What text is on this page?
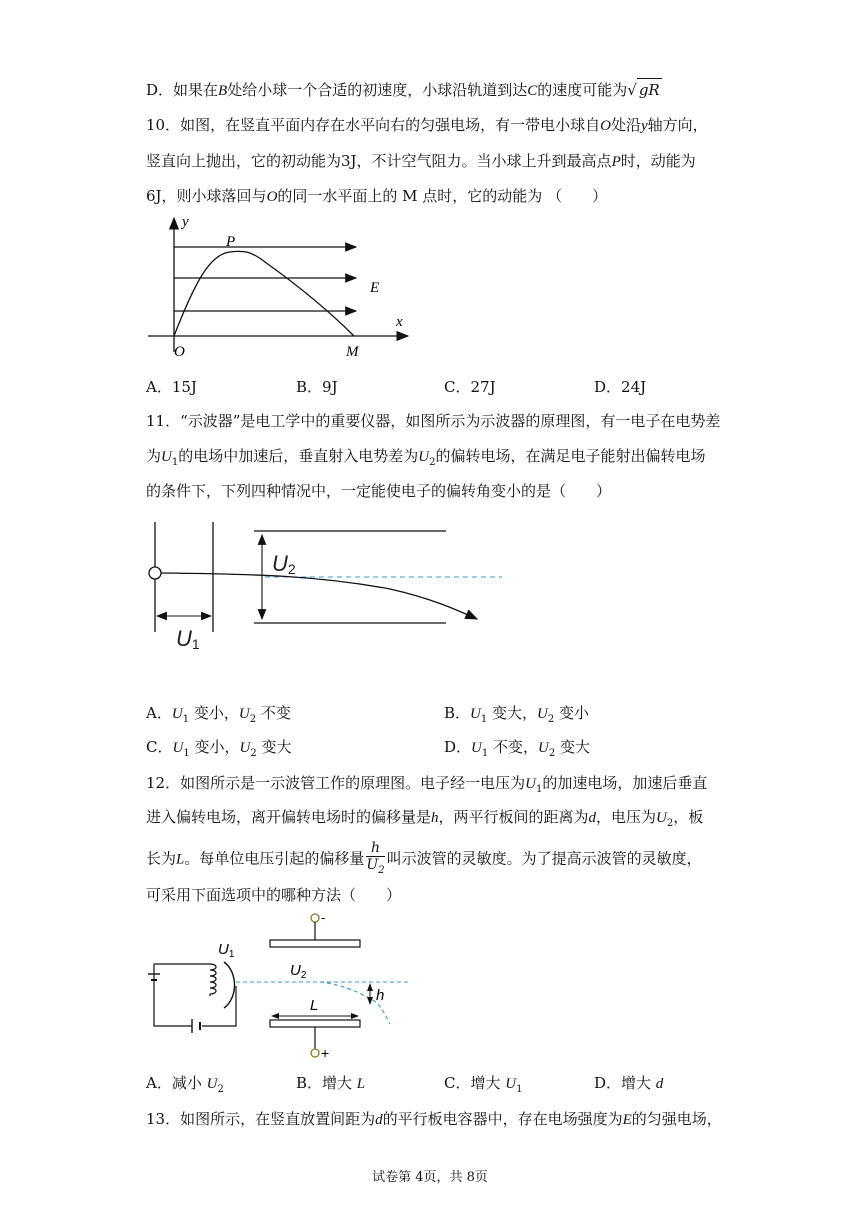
D．如果在B处给小球一个合适的初速度，小球沿轨道到达C的速度可能为√ gR
10．如图，在竖直平面内存在水平向右的匀强电场，有一带电小球自O处沿y轴方向，
竖直向上抛出，它的初动能为3J，不计空气阻力。当小球上升到最高点P时，动能为
6J，则小球落回与O的同一水平面上的 M 点时，它的动能为 （　　）
y
P
E
x
O	M
A．15J	B．9J	C．27J	D．24J
11．“示波器”是电工学中的重要仪器，如图所示为示波器的原理图，有一电子在电势差
为$U_1$的电场中加速后，垂直射入电势差为$U_2$的偏转电场，在满足电子能射出偏转电场
的条件下，下列四种情况中，一定能使电子的偏转角变小的是（　　）
U2
U1
A．$U_1$ 变小，$U_2$ 不变	B．$U_1$ 变大，$U_2$ 变小
C．$U_1$ 变小，$U_2$ 变大	D．$U_1$ 不变，$U_2$ 变大
12．如图所示是一示波管工作的原理图。电子经一电压为$U_1$的加速电场，加速后垂直
进入偏转电场，离开偏转电场时的偏移量是h，两平行板间的距离为d，电压为$U_2$，板
长为L。每单位电压引起的偏移量 $\frac{h}{U_2}$ 叫示波管的灵敏度。为了提高示波管的灵敏度，
可采用下面选项中的哪种方法（　　）
-
+
L
h
$U_2$
$U_1$
A．减小 $U_2$	B．增大 L	C．增大 $U_1$	D．增大 d
13．如图所示，在竖直放置间距为d的平行板电容器中，存在电场强度为E的匀强电场，
试卷第 4页，共 8页
